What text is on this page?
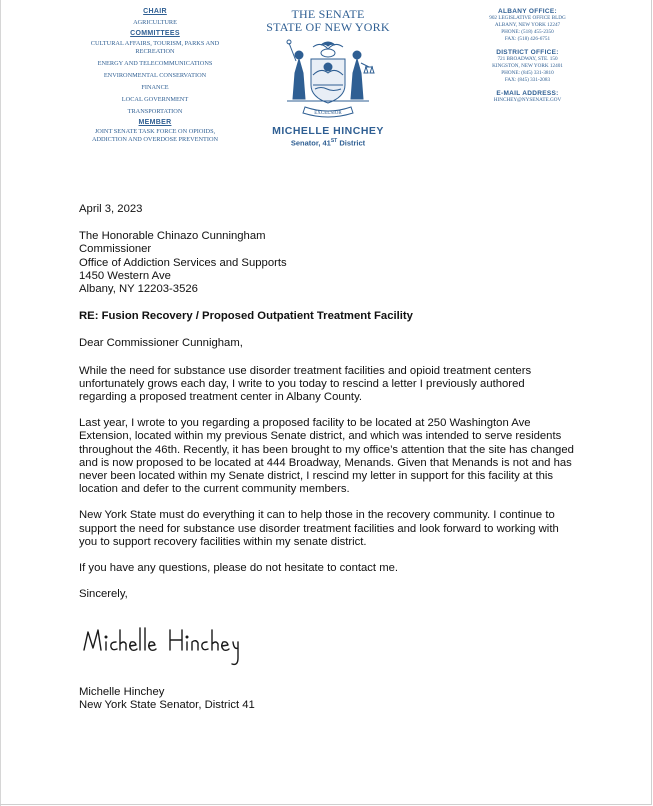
CHAIR
AGRICULTURE
COMMITTEES
CULTURAL AFFAIRS, TOURISM, PARKS AND RECREATION
ENERGY AND TELECOMMUNICATIONS
ENVIRONMENTAL CONSERVATION
FINANCE
LOCAL GOVERNMENT
TRANSPORTATION
MEMBER
JOINT SENATE TASK FORCE ON OPIOIDS, ADDICTION AND OVERDOSE PREVENTION
THE SENATE
STATE OF NEW YORK
EXCELSIOR
MICHELLE HINCHEY
Senator, 41ST District
ALBANY OFFICE:
902 LEGISLATIVE OFFICE BLDG
ALBANY, NEW YORK 12247
PHONE: (518) 455-2350
FAX: (518) 426-6751
DISTRICT OFFICE:
721 BROADWAY, STE. 150
KINGSTON, NEW YORK 12401
PHONE: (845) 331-3810
FAX: (845) 331-2083
E-MAIL ADDRESS:
HINCHEY@NYSENATE.GOV

April 3, 2023

The Honorable Chinazo Cunningham

Commissioner

Office of Addiction Services and Supports

1450 Western Ave

Albany, NY 12203-3526

RE: Fusion Recovery / Proposed Outpatient Treatment Facility

Dear Commissioner Cunnigham,

While the need for substance use disorder treatment facilities and opioid treatment centers unfortunately grows each day, I write to you today to rescind a letter I previously authored regarding a proposed treatment center in Albany County.

Last year, I wrote to you regarding a proposed facility to be located at 250 Washington Ave Extension, located within my previous Senate district, and which was intended to serve residents throughout the 46th. Recently, it has been brought to my office’s attention that the site has changed and is now proposed to be located at 444 Broadway, Menands. Given that Menands is not and has never been located within my Senate district, I rescind my letter in support for this facility at this location and defer to the current community members.

New York State must do everything it can to help those in the recovery community. I continue to support the need for substance use disorder treatment facilities and look forward to working with you to support recovery facilities within my senate district.

If you have any questions, please do not hesitate to contact me.

Sincerely,

Michelle Hinchey
New York State Senator, District 41
